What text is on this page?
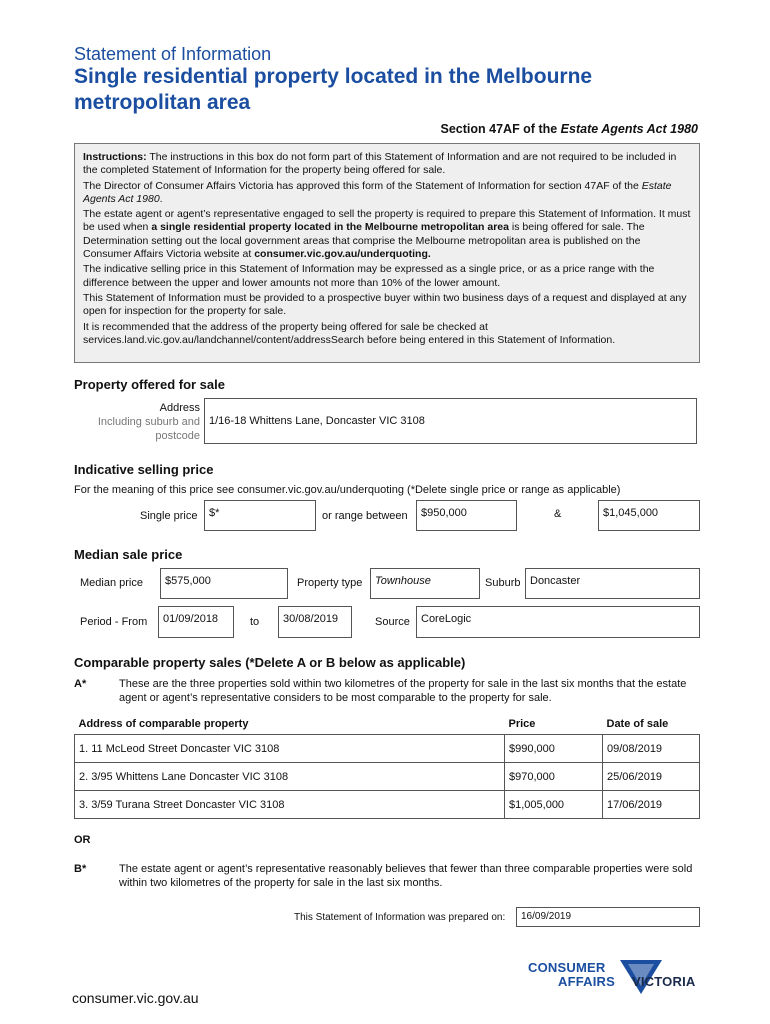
Statement of Information
Single residential property located in the Melbourne metropolitan area
Section 47AF of the Estate Agents Act 1980

Instructions: The instructions in this box do not form part of this Statement of Information and are not required to be included in the completed Statement of Information for the property being offered for sale.

The Director of Consumer Affairs Victoria has approved this form of the Statement of Information for section 47AF of the Estate Agents Act 1980.

The estate agent or agent’s representative engaged to sell the property is required to prepare this Statement of Information. It must be used when a single residential property located in the Melbourne metropolitan area is being offered for sale. The Determination setting out the local government areas that comprise the Melbourne metropolitan area is published on the Consumer Affairs Victoria website at consumer.vic.gov.au/underquoting.

The indicative selling price in this Statement of Information may be expressed as a single price, or as a price range with the difference between the upper and lower amounts not more than 10% of the lower amount.

This Statement of Information must be provided to a prospective buyer within two business days of a request and displayed at any open for inspection for the property for sale.

It is recommended that the address of the property being offered for sale be checked at services.land.vic.gov.au/landchannel/content/addressSearch before being entered in this Statement of Information.

Property offered for sale
Address
Including suburb and
postcode
1/16-18 Whittens Lane, Doncaster VIC 3108
Indicative selling price
For the meaning of this price see consumer.vic.gov.au/underquoting (*Delete single price or range as applicable)
Single price	$*	or range between	$950,000	&	$1,045,000
Median sale price
Median price	$575,000	Property type	Townhouse	Suburb Doncaster
Period - From	01/09/2018	to	30/08/2019	Source	CoreLogic
Comparable property sales (*Delete A or B below as applicable)
A*	These are the three properties sold within two kilometres of the property for sale in the last six months that the estate agent or agent’s representative considers to be most comparable to the property for sale.
Address of comparable property	Price	Date of sale
1. 11 McLeod Street Doncaster VIC 3108	$990,000	09/08/2019
2. 3/95 Whittens Lane Doncaster VIC 3108	$970,000	25/06/2019
3. 3/59 Turana Street Doncaster VIC 3108	$1,005,000	17/06/2019
OR
B*	The estate agent or agent’s representative reasonably believes that fewer than three comparable properties were sold within two kilometres of the property for sale in the last six months.
This Statement of Information was prepared on:	16/09/2019
CONSUMER
AFFAIRS VICTORIA
consumer.vic.gov.au
